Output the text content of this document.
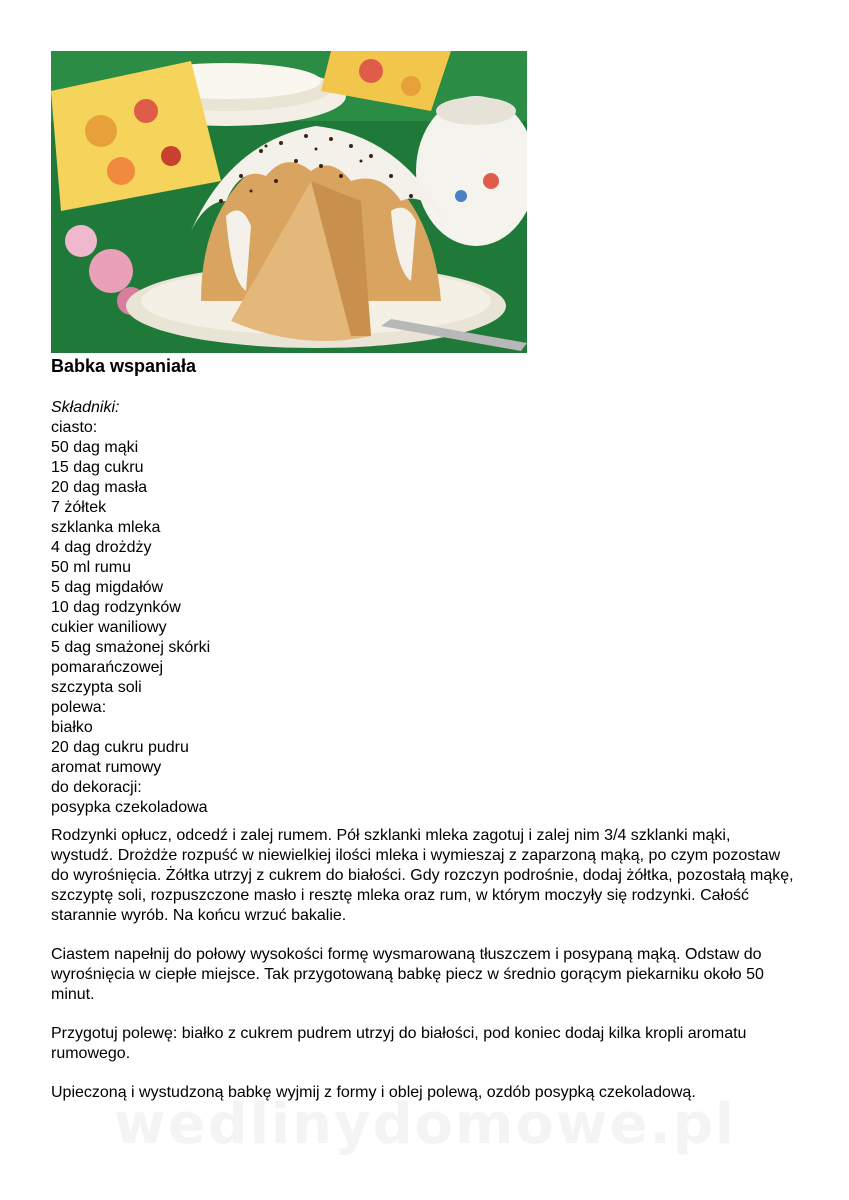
Babka wspaniała
Składniki:
ciasto:
50 dag mąki
15 dag cukru
20 dag masła
7 żółtek
szklanka mleka
4 dag drożdży
50 ml rumu
5 dag migdałów
10 dag rodzynków
cukier waniliowy
5 dag smażonej skórki
pomarańczowej
szczypta soli
polewa:
białko
20 dag cukru pudru
aromat rumowy
do dekoracji:
posypka czekoladowa

Rodzynki opłucz, odcedź i zalej rumem. Pół szklanki mleka zagotuj i zalej nim 3/4 szklanki mąki, wystudź. Drożdże rozpuść w niewielkiej ilości mleka i wymieszaj z zaparzoną mąką, po czym pozostaw do wyrośnięcia. Żółtka utrzyj z cukrem do białości. Gdy rozczyn podrośnie, dodaj żółtka, pozostałą mąkę, szczyptę soli, rozpuszczone masło i resztę mleka oraz rum, w którym moczyły się rodzynki. Całość starannie wyrób. Na końcu wrzuć bakalie.

Ciastem napełnij do połowy wysokości formę wysmarowaną tłuszczem i posypaną mąką. Odstaw do wyrośnięcia w ciepłe miejsce. Tak przygotowaną babkę piecz w średnio gorącym piekarniku około 50 minut.

Przygotuj polewę: białko z cukrem pudrem utrzyj do białości, pod koniec dodaj kilka kropli aromatu rumowego.

Upieczoną i wystudzoną babkę wyjmij z formy i oblej polewą, ozdób posypką czekoladową.
